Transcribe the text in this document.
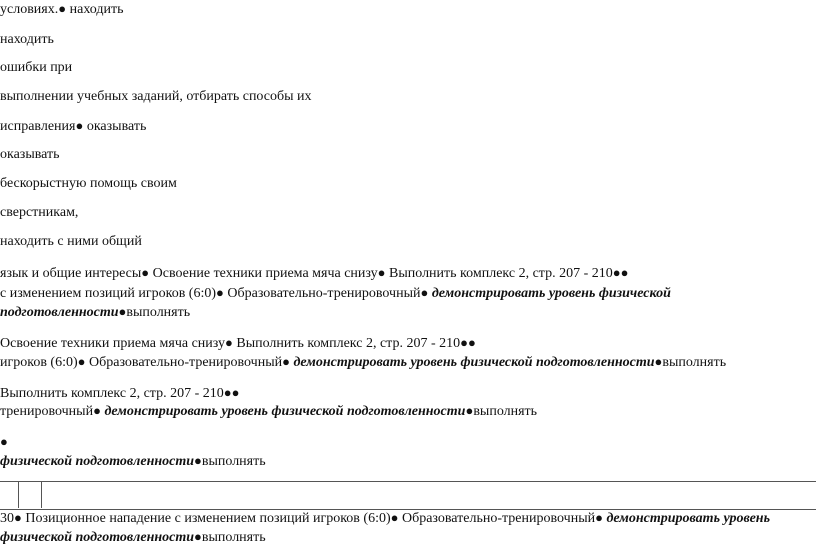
условиях.● находить
находить
ошибки при
выполнении учебных заданий, отбирать способы их
исправления● оказывать
оказывать
бескорыстную помощь своим
сверстникам,
находить с ними общий
язык и общие интересы● Освоение техники приема мяча снизу● Выполнить комплекс 2, стр. 207 - 210●●
с изменением позиций игроков (6:0)● Образовательно-тренировочный● демонстрировать уровень физической
подготовленности●выполнять
Освоение техники приема мяча снизу● Выполнить комплекс 2, стр. 207 - 210●●
игроков (6:0)● Образовательно-тренировочный● демонстрировать уровень физической подготовленности●выполнять
Выполнить комплекс 2, стр. 207 - 210●●
тренировочный● демонстрировать уровень физической подготовленности●выполнять
●
физической подготовленности●выполнять
30● Позиционное нападение с изменением позиций игроков (6:0)● Образовательно-тренировочный● демонстрировать уровень
физической подготовленности●выполнять
